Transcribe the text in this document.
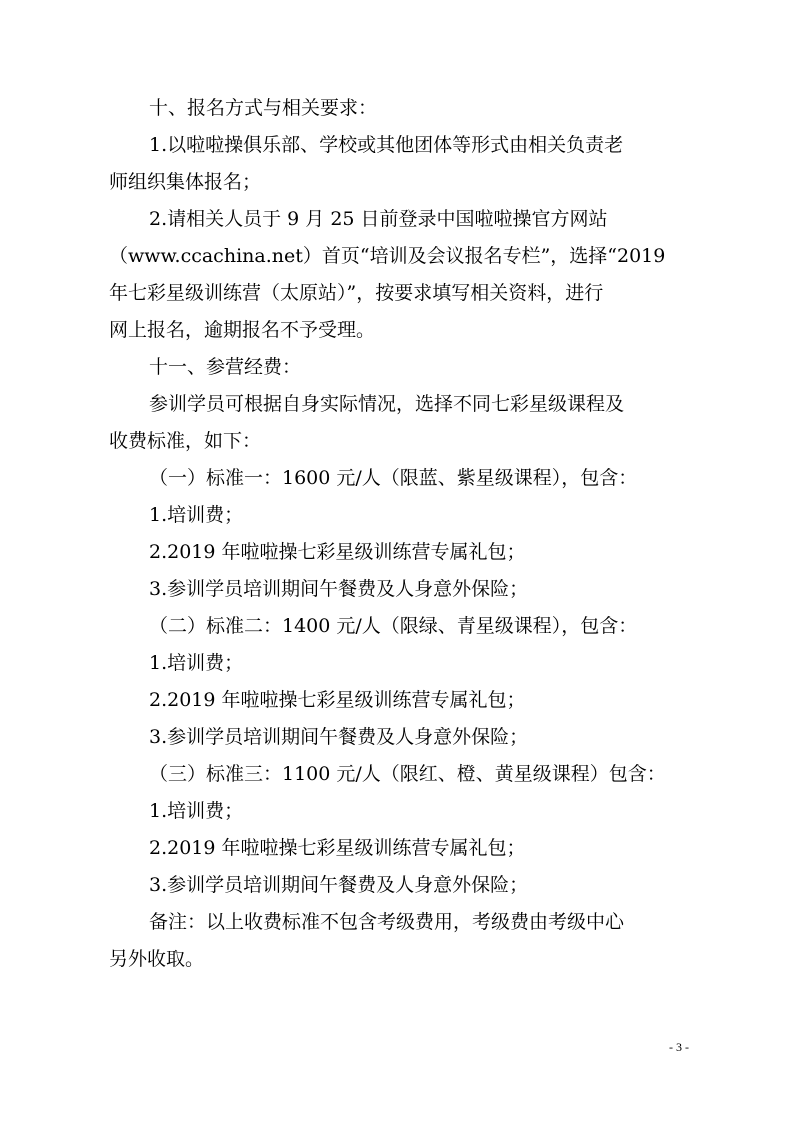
十、报名方式与相关要求：

1.以啦啦操俱乐部、学校或其他团体等形式由相关负责老

师组织集体报名；

2.请相关人员于 9 月 25 日前登录中国啦啦操官方网站

（www.ccachina.net）首页“培训及会议报名专栏”，选择“2019

年七彩星级训练营（太原站）”，按要求填写相关资料，进行

网上报名，逾期报名不予受理。

十一、参营经费：

参训学员可根据自身实际情况，选择不同七彩星级课程及

收费标准，如下：

（一）标准一：1600 元/人（限蓝、紫星级课程），包含：

1.培训费；

2.2019 年啦啦操七彩星级训练营专属礼包；

3.参训学员培训期间午餐费及人身意外保险；

（二）标准二：1400 元/人（限绿、青星级课程），包含：

1.培训费；

2.2019 年啦啦操七彩星级训练营专属礼包；

3.参训学员培训期间午餐费及人身意外保险；

（三）标准三：1100 元/人（限红、橙、黄星级课程）包含：

1.培训费；

2.2019 年啦啦操七彩星级训练营专属礼包；

3.参训学员培训期间午餐费及人身意外保险；

备注：以上收费标准不包含考级费用，考级费由考级中心

另外收取。

- 3 -
